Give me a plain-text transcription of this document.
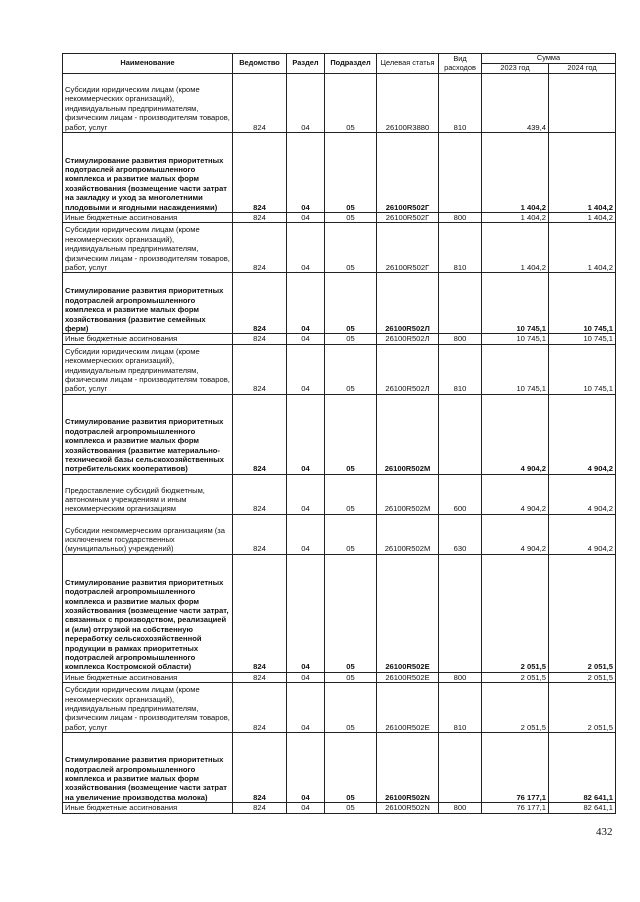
Наименование	Ведомство	Раздел	Подраздел	Целевая статья	Вид расходов	Сумма	
						2023 год	2024 год
Субсидии юридическим лицам (кроме некоммерческих организаций), индивидуальным предпринимателям, физическим лицам - производителям товаров, работ, услуг	824	04	05	26100R3880	810	439,4	
Стимулирование развития приоритетных подотраслей агропромышленного комплекса и развитие малых форм хозяйствования (возмещение части затрат на закладку и уход за многолетними плодовыми и ягодными насаждениями)	824	04	05	26100R502Г		1 404,2	1 404,2
Иные бюджетные ассигнования	824	04	05	26100R502Г	800	1 404,2	1 404,2
Субсидии юридическим лицам (кроме некоммерческих организаций), индивидуальным предпринимателям, физическим лицам - производителям товаров, работ, услуг	824	04	05	26100R502Г	810	1 404,2	1 404,2
Стимулирование развития приоритетных подотраслей агропромышленного комплекса и развитие малых форм хозяйствования (развитие семейных ферм)	824	04	05	26100R502Л		10 745,1	10 745,1
Иные бюджетные ассигнования	824	04	05	26100R502Л	800	10 745,1	10 745,1
Субсидии юридическим лицам (кроме некоммерческих организаций), индивидуальным предпринимателям, физическим лицам - производителям товаров, работ, услуг	824	04	05	26100R502Л	810	10 745,1	10 745,1
Стимулирование развития приоритетных подотраслей агропромышленного комплекса и развитие малых форм хозяйствования (развитие материально-технической базы сельскохозяйственных потребительских кооперативов)	824	04	05	26100R502М		4 904,2	4 904,2
Предоставление субсидий бюджетным, автономным учреждениям и иным некоммерческим организациям	824	04	05	26100R502М	600	4 904,2	4 904,2
Субсидии некоммерческим организациям (за исключением государственных (муниципальных) учреждений)	824	04	05	26100R502М	630	4 904,2	4 904,2
Стимулирование развития приоритетных подотраслей агропромышленного комплекса и развитие малых форм хозяйствования (возмещение части затрат, связанных с производством, реализацией и (или) отгрузкой на собственную переработку сельскохозяйственной продукции в рамках приоритетных подотраслей агропромышленного комплекса Костромской области)	824	04	05	26100R502E		2 051,5	2 051,5
Иные бюджетные ассигнования	824	04	05	26100R502E	800	2 051,5	2 051,5
Субсидии юридическим лицам (кроме некоммерческих организаций), индивидуальным предпринимателям, физическим лицам - производителям товаров, работ, услуг	824	04	05	26100R502E	810	2 051,5	2 051,5
Стимулирование развития приоритетных подотраслей агропромышленного комплекса и развитие малых форм хозяйствования (возмещение части затрат на увеличение производства молока)	824	04	05	26100R502N		76 177,1	82 641,1
Иные бюджетные ассигнования	824	04	05	26100R502N	800	76 177,1	82 641,1
432
